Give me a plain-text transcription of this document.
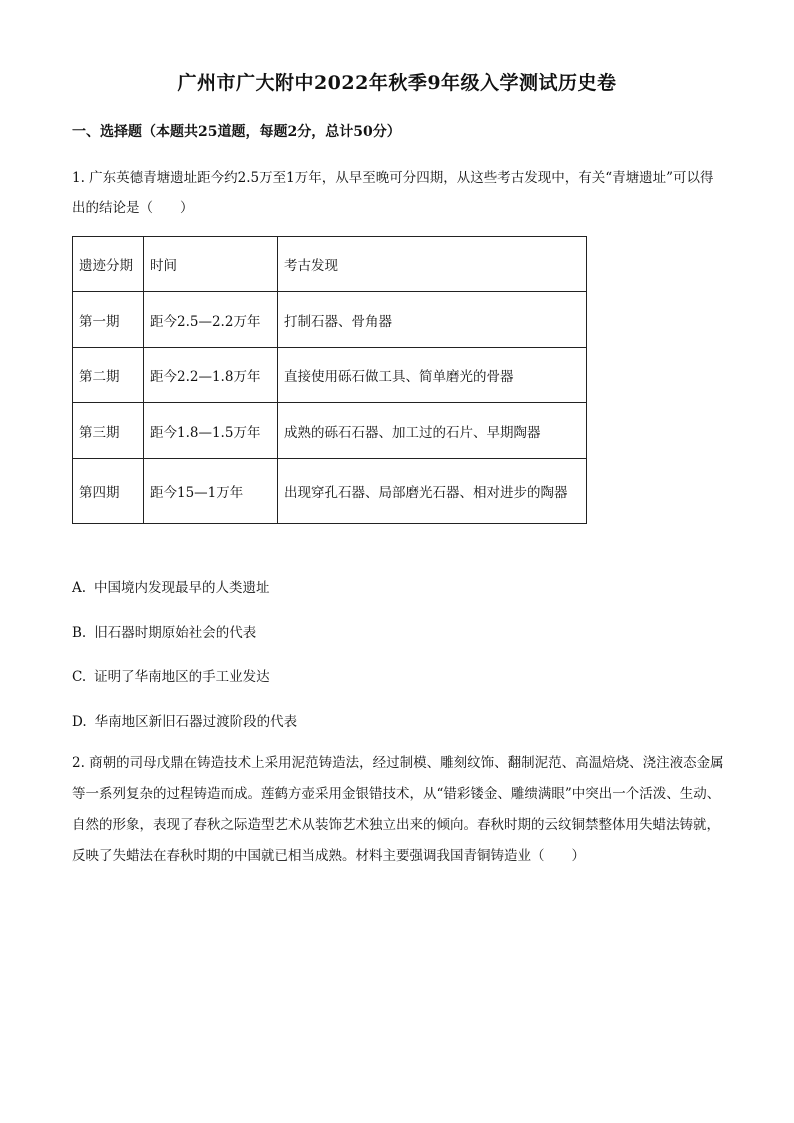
广州市广大附中2022年秋季9年级入学测试历史卷
一、选择题（本题共25道题，每题2分，总计50分）
1. 广东英德青塘遗址距今约2.5万至1万年，从早至晚可分四期，从这些考古发现中，有关“青塘遗址”可以得出的结论是（　　）
遗迹分期	时间	考古发现
第一期	距今2.5—2.2万年	打制石器、骨角器
第二期	距今2.2—1.8万年	直接使用砾石做工具、简单磨光的骨器
第三期	距今1.8—1.5万年	成熟的砾石石器、加工过的石片、早期陶器
第四期	距今15—1万年	出现穿孔石器、局部磨光石器、相对进步的陶器
A. 中国境内发现最早的人类遗址
B. 旧石器时期原始社会的代表
C. 证明了华南地区的手工业发达
D. 华南地区新旧石器过渡阶段的代表
2. 商朝的司母戊鼎在铸造技术上采用泥范铸造法，经过制模、雕刻纹饰、翻制泥范、高温焙烧、浇注液态金属等一系列复杂的过程铸造而成。莲鹤方壶采用金银错技术，从“错彩镂金、雕缋满眼”中突出一个活泼、生动、自然的形象，表现了春秋之际造型艺术从装饰艺术独立出来的倾向。春秋时期的云纹铜禁整体用失蜡法铸就，反映了失蜡法在春秋时期的中国就已相当成熟。材料主要强调我国青铜铸造业（　　）
